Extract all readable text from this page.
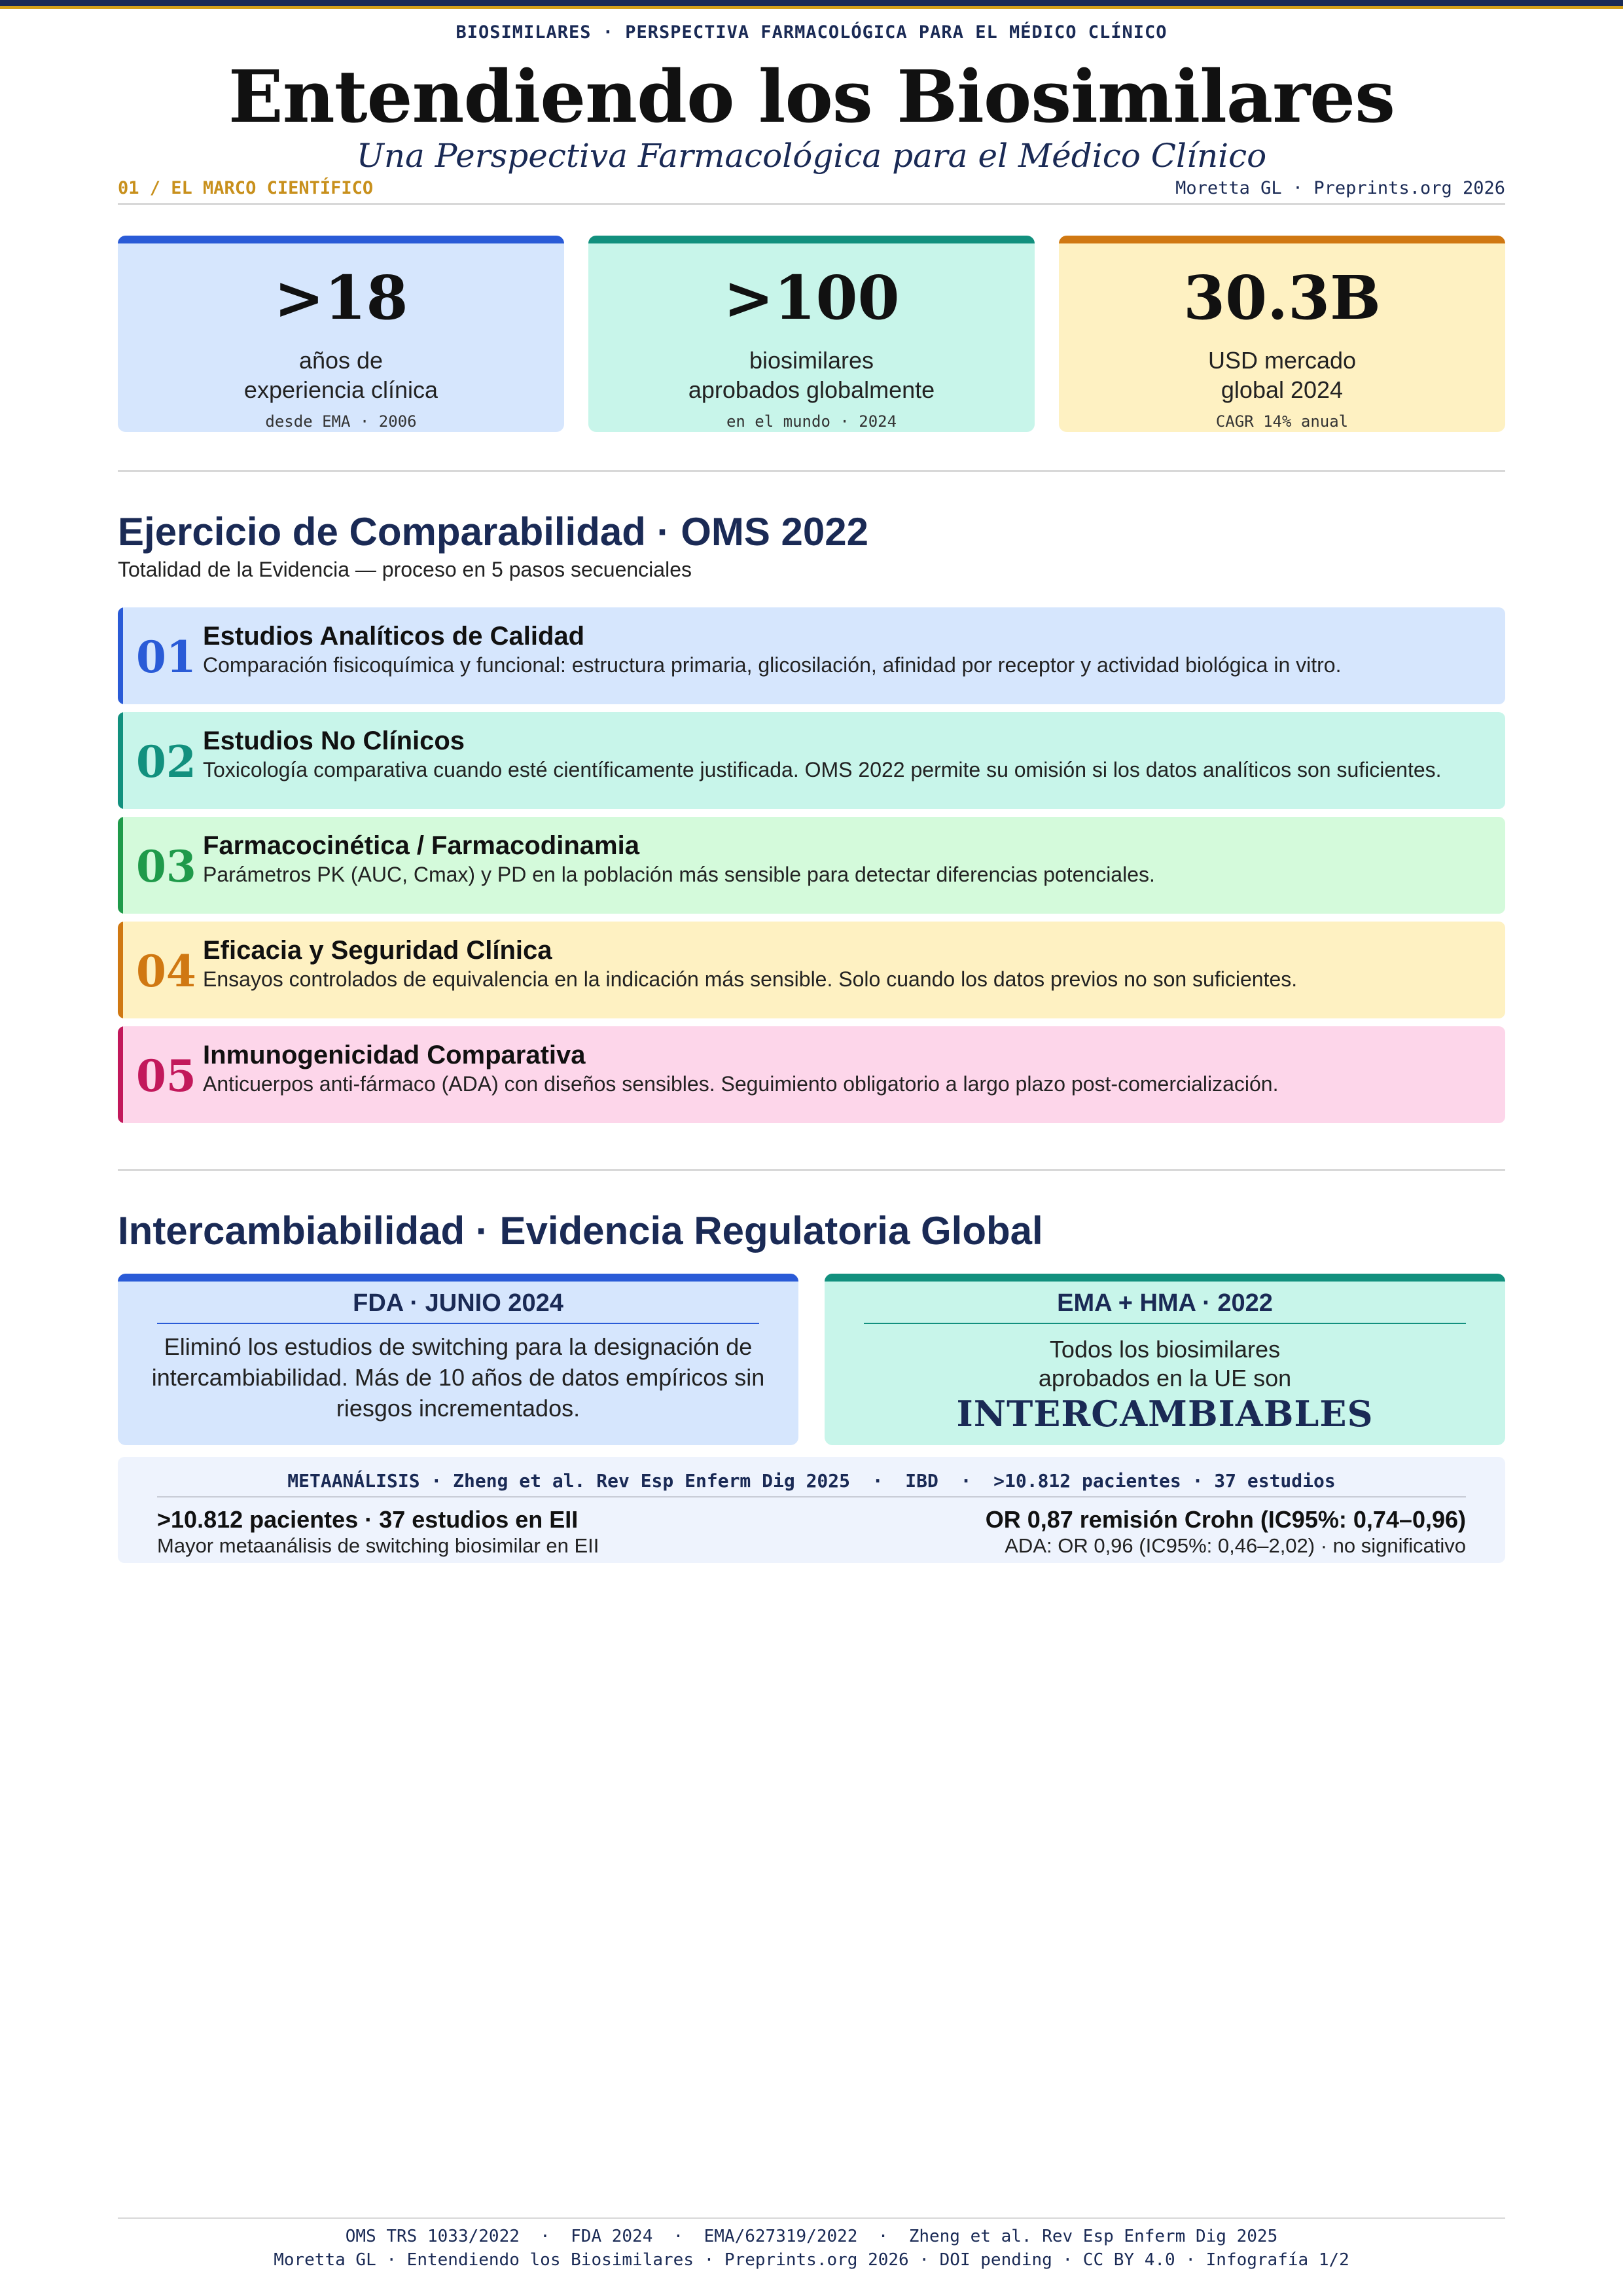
BIOSIMILARES · PERSPECTIVA FARMACOLÓGICA PARA EL MÉDICO CLÍNICO
Entendiendo los Biosimilares
Una Perspectiva Farmacológica para el Médico Clínico
01 / EL MARCO CIENTÍFICO	Moretta GL · Preprints.org 2026
>18
años de
experiencia clínica
desde EMA · 2006
>100
biosimilares
aprobados globalmente
en el mundo · 2024
30.3B
USD mercado
global 2024
CAGR 14% anual
Ejercicio de Comparabilidad · OMS 2022
Totalidad de la Evidencia — proceso en 5 pasos secuenciales
01 Estudios Analíticos de Calidad
Comparación fisicoquímica y funcional: estructura primaria, glicosilación, afinidad por receptor y actividad biológica in vitro.
02 Estudios No Clínicos
Toxicología comparativa cuando esté científicamente justificada. OMS 2022 permite su omisión si los datos analíticos son suficientes.
03 Farmacocinética / Farmacodinamia
Parámetros PK (AUC, Cmax) y PD en la población más sensible para detectar diferencias potenciales.
04 Eficacia y Seguridad Clínica
Ensayos controlados de equivalencia en la indicación más sensible. Solo cuando los datos previos no son suficientes.
05 Inmunogenicidad Comparativa
Anticuerpos anti-fármaco (ADA) con diseños sensibles. Seguimiento obligatorio a largo plazo post-comercialización.
Intercambiabilidad · Evidencia Regulatoria Global
FDA · JUNIO 2024
Eliminó los estudios de switching para la designación de
intercambiabilidad. Más de 10 años de datos empíricos sin
riesgos incrementados.
EMA + HMA · 2022
Todos los biosimilares
aprobados en la UE son
INTERCAMBIABLES
METAANÁLISIS · Zheng et al. Rev Esp Enferm Dig 2025  ·  IBD  ·  >10.812 pacientes · 37 estudios
>10.812 pacientes · 37 estudios en EII
Mayor metaanálisis de switching biosimilar en EII
OR 0,87 remisión Crohn (IC95%: 0,74–0,96)
ADA: OR 0,96 (IC95%: 0,46–2,02) · no significativo
OMS TRS 1033/2022  ·  FDA 2024  ·  EMA/627319/2022  ·  Zheng et al. Rev Esp Enferm Dig 2025
Moretta GL · Entendiendo los Biosimilares · Preprints.org 2026 · DOI pending · CC BY 4.0 · Infografía 1/2
